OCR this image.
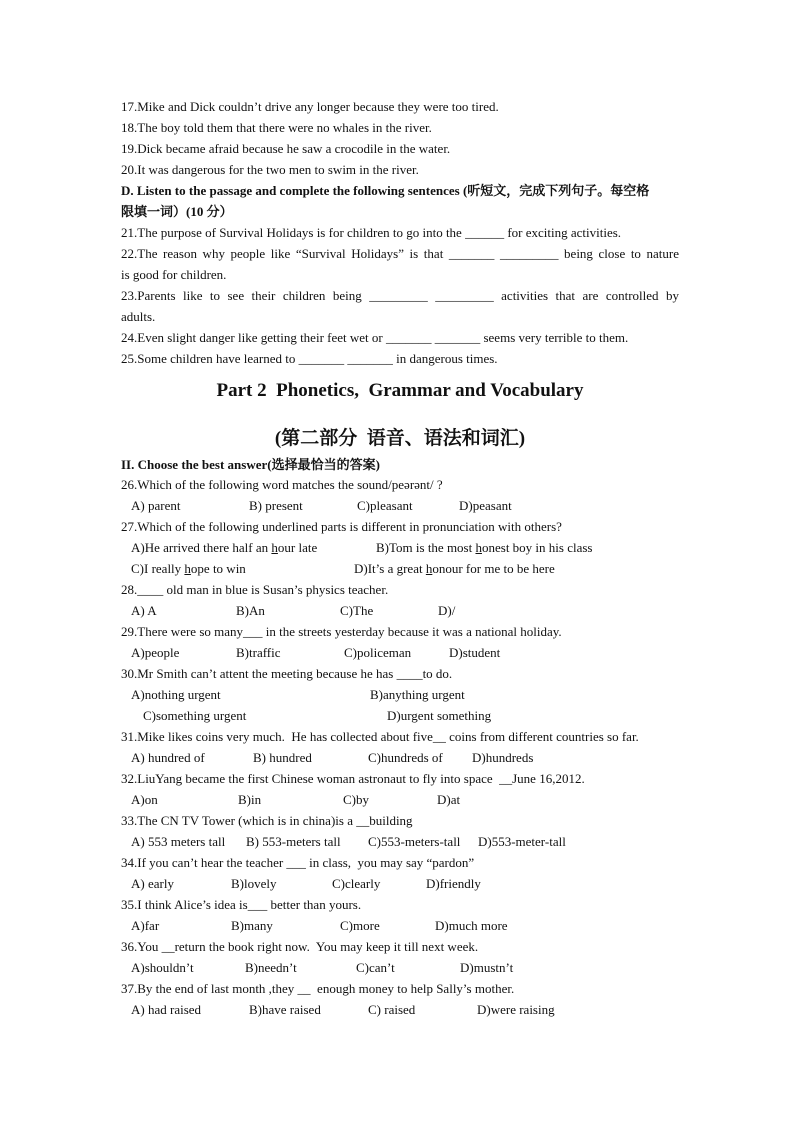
17.Mike and Dick couldn’t drive any longer because they were too tired.
18.The boy told them that there were no whales in the river.
19.Dick became afraid because he saw a crocodile in the water.
20.It was dangerous for the two men to swim in the river.
D. Listen to the passage and complete the following sentences (听短文，完成下列句子。每空格
限填一词）(10 分）
21.The purpose of Survival Holidays is for children to go into the ______ for exciting activities.
22.The reason why people like “Survival Holidays” is that _______ _________ being close to nature
is good for children.
23.Parents like to see their children being _________ _________ activities that are controlled by
adults.
24.Even slight danger like getting their feet wet or _______ _______ seems very terrible to them.
25.Some children have learned to _______ _______ in dangerous times.
Part 2  Phonetics,  Grammar and Vocabulary
(第二部分  语音、语法和词汇)
II. Choose the best answer(选择最恰当的答案)
26.Which of the following word matches the sound/peərənt/ ?
A) parent	B) present	C)pleasant	D)peasant
27.Which of the following underlined parts is different in pronunciation with others?
A)He arrived there half an hour late	B)Tom is the most honest boy in his class
C)I really hope to win	D)It’s a great honour for me to be here
28.____ old man in blue is Susan’s physics teacher.
A) A	B)An	C)The	D)/
29.There were so many___ in the streets yesterday because it was a national holiday.
A)people	B)traffic	C)policeman	D)student
30.Mr Smith can’t attent the meeting because he has ____to do.
A)nothing urgent	B)anything urgent
C)something urgent	D)urgent something
31.Mike likes coins very much.  He has collected about five__ coins from different countries so far.
A) hundred of	B) hundred	C)hundreds of D)hundreds
32.LiuYang became the first Chinese woman astronaut to fly into space  __June 16,2012.
A)on	B)in	C)by	D)at
33.The CN TV Tower (which is in china)is a __building
A) 553 meters tall B) 553-meters tall C)553-meters-tall D)553-meter-tall
34.If you can’t hear the teacher ___ in class,  you may say “pardon”
A) early	B)lovely	C)clearly	D)friendly
35.I think Alice’s idea is___ better than yours.
A)far	B)many	C)more	D)much more
36.You __return the book right now.  You may keep it till next week.
A)shouldn’t	B)needn’t	C)can’t	D)mustn’t
37.By the end of last month ,they __  enough money to help Sally’s mother.
A) had raised	B)have raised	C) raised	D)were raising
